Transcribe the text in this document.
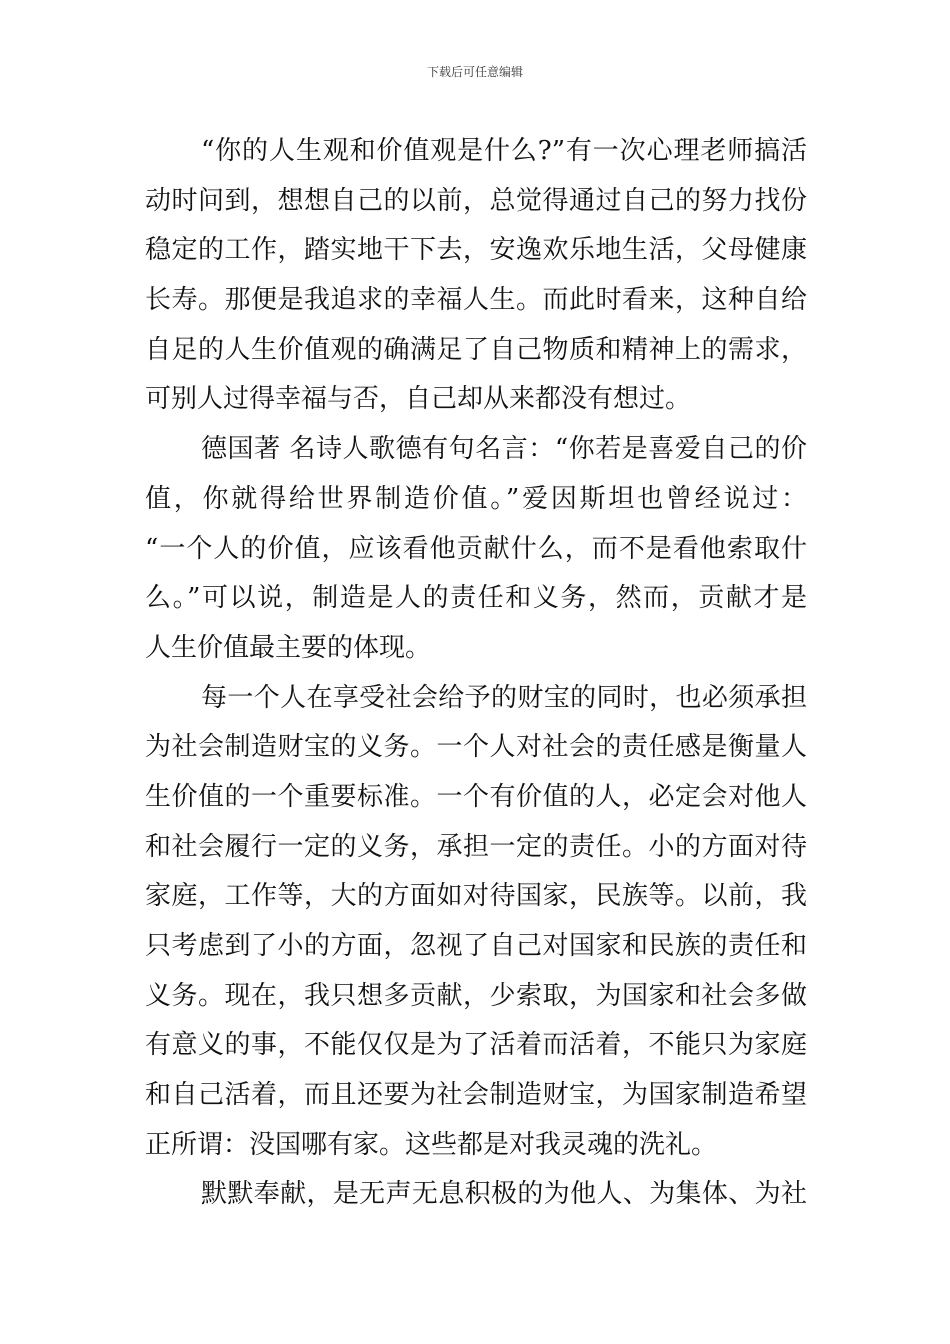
下载后可任意编辑
“你的人生观和价值观是什么?”有一次心理老师搞活
动时问到，想想自己的以前，总觉得通过自己的努力找份
稳定的工作，踏实地干下去，安逸欢乐地生活，父母健康
长寿。那便是我追求的幸福人生。而此时看来，这种自给
自足的人生价值观的确满足了自己物质和精神上的需求，
可别人过得幸福与否，自己却从来都没有想过。
德国著 名诗人歌德有句名言：“你若是喜爱自己的价
值，你就得给世界制造价值。”爱因斯坦也曾经说过：
“一个人的价值，应该看他贡献什么，而不是看他索取什
么。”可以说，制造是人的责任和义务，然而，贡献才是
人生价值最主要的体现。
每一个人在享受社会给予的财宝的同时，也必须承担
为社会制造财宝的义务。一个人对社会的责任感是衡量人
生价值的一个重要标准。一个有价值的人，必定会对他人
和社会履行一定的义务，承担一定的责任。小的方面对待
家庭，工作等，大的方面如对待国家，民族等。以前，我
只考虑到了小的方面，忽视了自己对国家和民族的责任和
义务。现在，我只想多贡献，少索取，为国家和社会多做
有意义的事，不能仅仅是为了活着而活着，不能只为家庭
和自己活着，而且还要为社会制造财宝，为国家制造希望
正所谓：没国哪有家。这些都是对我灵魂的洗礼。
默默奉献，是无声无息积极的为他人、为集体、为社
